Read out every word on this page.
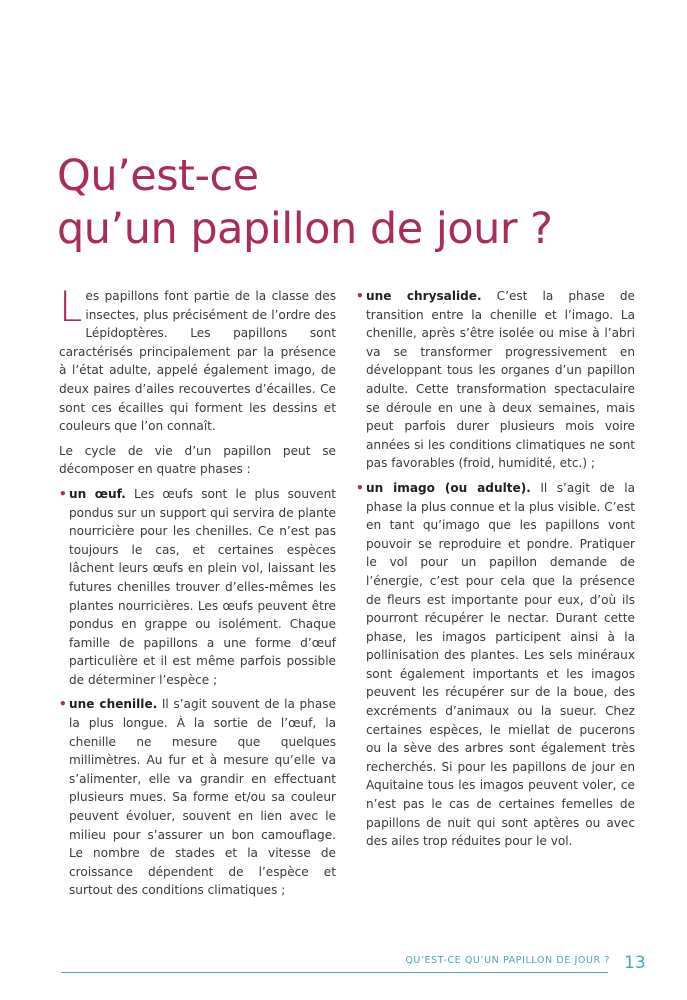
Qu’est-ce
qu’un papillon de jour ?

Les papillons font partie de la classe des insectes, plus précisément de l’ordre des Lépidoptères. Les papillons sont caractérisés principalement par la présence à l’état adulte, appelé également imago, de deux paires d’ailes recouvertes d’écailles. Ce sont ces écailles qui forment les dessins et couleurs que l’on connaît.

Le cycle de vie d’un papillon peut se décomposer en quatre phases :

• un œuf. Les œufs sont le plus souvent pondus sur un support qui servira de plante nourricière pour les chenilles. Ce n’est pas toujours le cas, et certaines espèces lâchent leurs œufs en plein vol, laissant les futures chenilles trouver d’elles-mêmes les plantes nourricières. Les œufs peuvent être pondus en grappe ou isolément. Chaque famille de papillons a une forme d’œuf particulière et il est même parfois possible de déterminer l’espèce ;
• une chenille. Il s’agit souvent de la phase la plus longue. À la sortie de l’œuf, la chenille ne mesure que quelques millimètres. Au fur et à mesure qu’elle va s’alimenter, elle va grandir en effectuant plusieurs mues. Sa forme et/ou sa couleur peuvent évoluer, souvent en lien avec le milieu pour s’assurer un bon camouflage. Le nombre de stades et la vitesse de croissance dépendent de l’espèce et surtout des conditions climatiques ;
• une chrysalide. C’est la phase de transition entre la chenille et l’imago. La chenille, après s’être isolée ou mise à l’abri va se transformer progressivement en développant tous les organes d’un papillon adulte. Cette transformation spectaculaire se déroule en une à deux semaines, mais peut parfois durer plusieurs mois voire années si les conditions climatiques ne sont pas favorables (froid, humidité, etc.) ;
• un imago (ou adulte). Il s’agit de la phase la plus connue et la plus visible. C’est en tant qu’imago que les papillons vont pouvoir se reproduire et pondre. Pratiquer le vol pour un papillon demande de l’énergie, c’est pour cela que la présence de fleurs est importante pour eux, d’où ils pourront récupérer le nectar. Durant cette phase, les imagos participent ainsi à la pollinisation des plantes. Les sels minéraux sont également importants et les imagos peuvent les récupérer sur de la boue, des excréments d’animaux ou la sueur. Chez certaines espèces, le miellat de pucerons ou la sève des arbres sont également très recherchés. Si pour les papillons de jour en Aquitaine tous les imagos peuvent voler, ce n’est pas le cas de certaines femelles de papillons de nuit qui sont aptères ou avec des ailes trop réduites pour le vol.
QU’EST-CE QU’UN PAPILLON DE JOUR ? 13
